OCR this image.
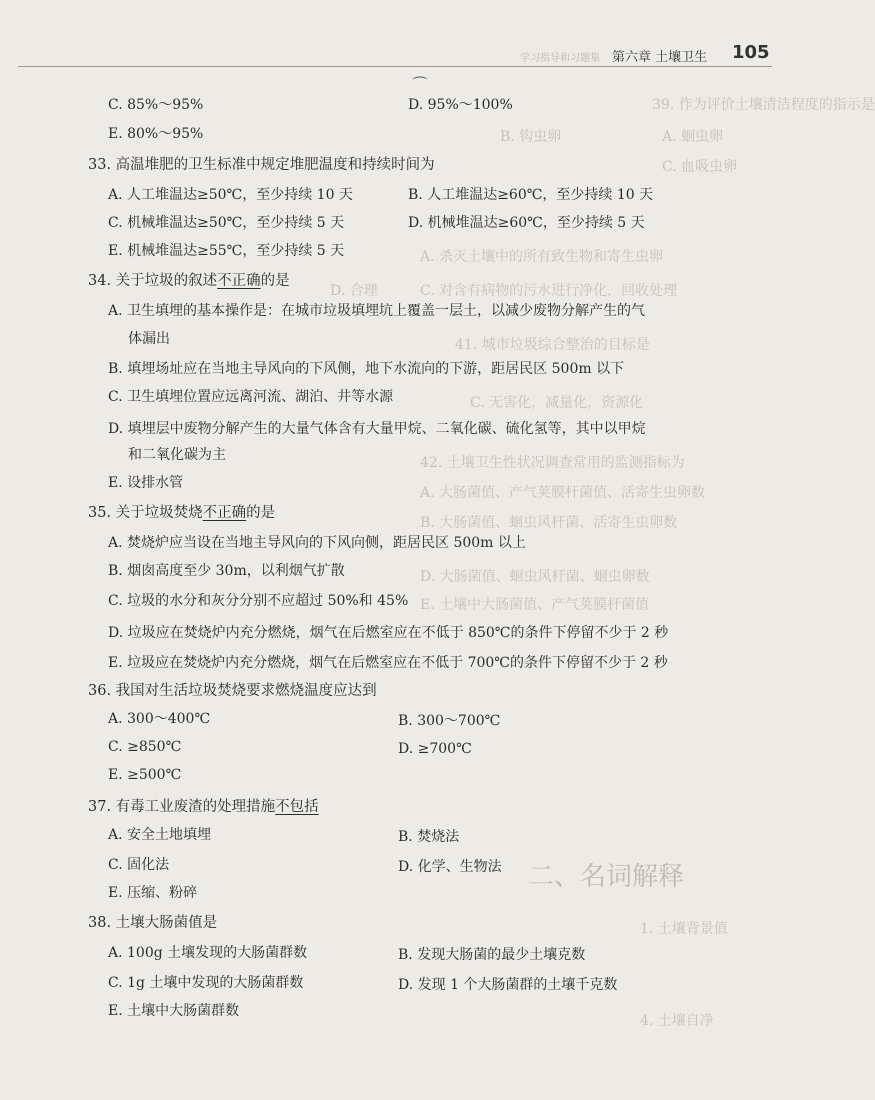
39. 作为评价土壤清洁程度的指示是
A. 蛔虫卵
B. 钩虫卵
C. 血吸虫卵
A. 杀灭土壤中的所有致生物和寄生虫卵
C. 对含有病物的污水进行净化，回收处理
D. 合理
41. 城市垃圾综合整治的目标是
C. 无害化，减量化，资源化
42. 土壤卫生性状况调查常用的监测指标为
A. 大肠菌值、产气荚膜杆菌值、活寄生虫卵数
B. 大肠菌值、蛔虫风杆菌、活寄生虫卵数
D. 大肠菌值、蛔虫风杆菌、蛔虫卵数
E. 土壤中大肠菌值、产气荚膜杆菌值
二、名词解释
1. 土壤背景值
4. 土壤自净
学习指导和习题集 第六章 土壤卫生 105
⌒
C. 85%～95%	D. 95%～100%
E. 80%～95%
33. 高温堆肥的卫生标准中规定堆肥温度和持续时间为
A. 人工堆温达≥50℃，至少持续 10 天	B. 人工堆温达≥60℃，至少持续 10 天
C. 机械堆温达≥50℃，至少持续 5 天	D. 机械堆温达≥60℃，至少持续 5 天
E. 机械堆温达≥55℃，至少持续 5 天
34. 关于垃圾的叙述不正确的是
A. 卫生填埋的基本操作是：在城市垃圾填埋坑上覆盖一层土，以减少废物分解产生的气
体漏出
B. 填埋场址应在当地主导风向的下风侧，地下水流向的下游，距居民区 500m 以下
C. 卫生填埋位置应远离河流、湖泊、井等水源
D. 填埋层中废物分解产生的大量气体含有大量甲烷、二氧化碳、硫化氢等，其中以甲烷
和二氧化碳为主
E. 设排水管
35. 关于垃圾焚烧不正确的是
A. 焚烧炉应当设在当地主导风向的下风向侧，距居民区 500m 以上
B. 烟囱高度至少 30m，以利烟气扩散
C. 垃圾的水分和灰分分别不应超过 50%和 45%
D. 垃圾应在焚烧炉内充分燃烧，烟气在后燃室应在不低于 850℃的条件下停留不少于 2 秒
E. 垃圾应在焚烧炉内充分燃烧，烟气在后燃室应在不低于 700℃的条件下停留不少于 2 秒
36. 我国对生活垃圾焚烧要求燃烧温度应达到
A. 300～400℃	B. 300～700℃
C. ≥850℃	D. ≥700℃
E. ≥500℃
37. 有毒工业废渣的处理措施不包括
A. 安全土地填埋	B. 焚烧法
C. 固化法	D. 化学、生物法
E. 压缩、粉碎
38. 土壤大肠菌值是
A. 100g 土壤发现的大肠菌群数	B. 发现大肠菌的最少土壤克数
C. 1g 土壤中发现的大肠菌群数	D. 发现 1 个大肠菌群的土壤千克数
E. 土壤中大肠菌群数
